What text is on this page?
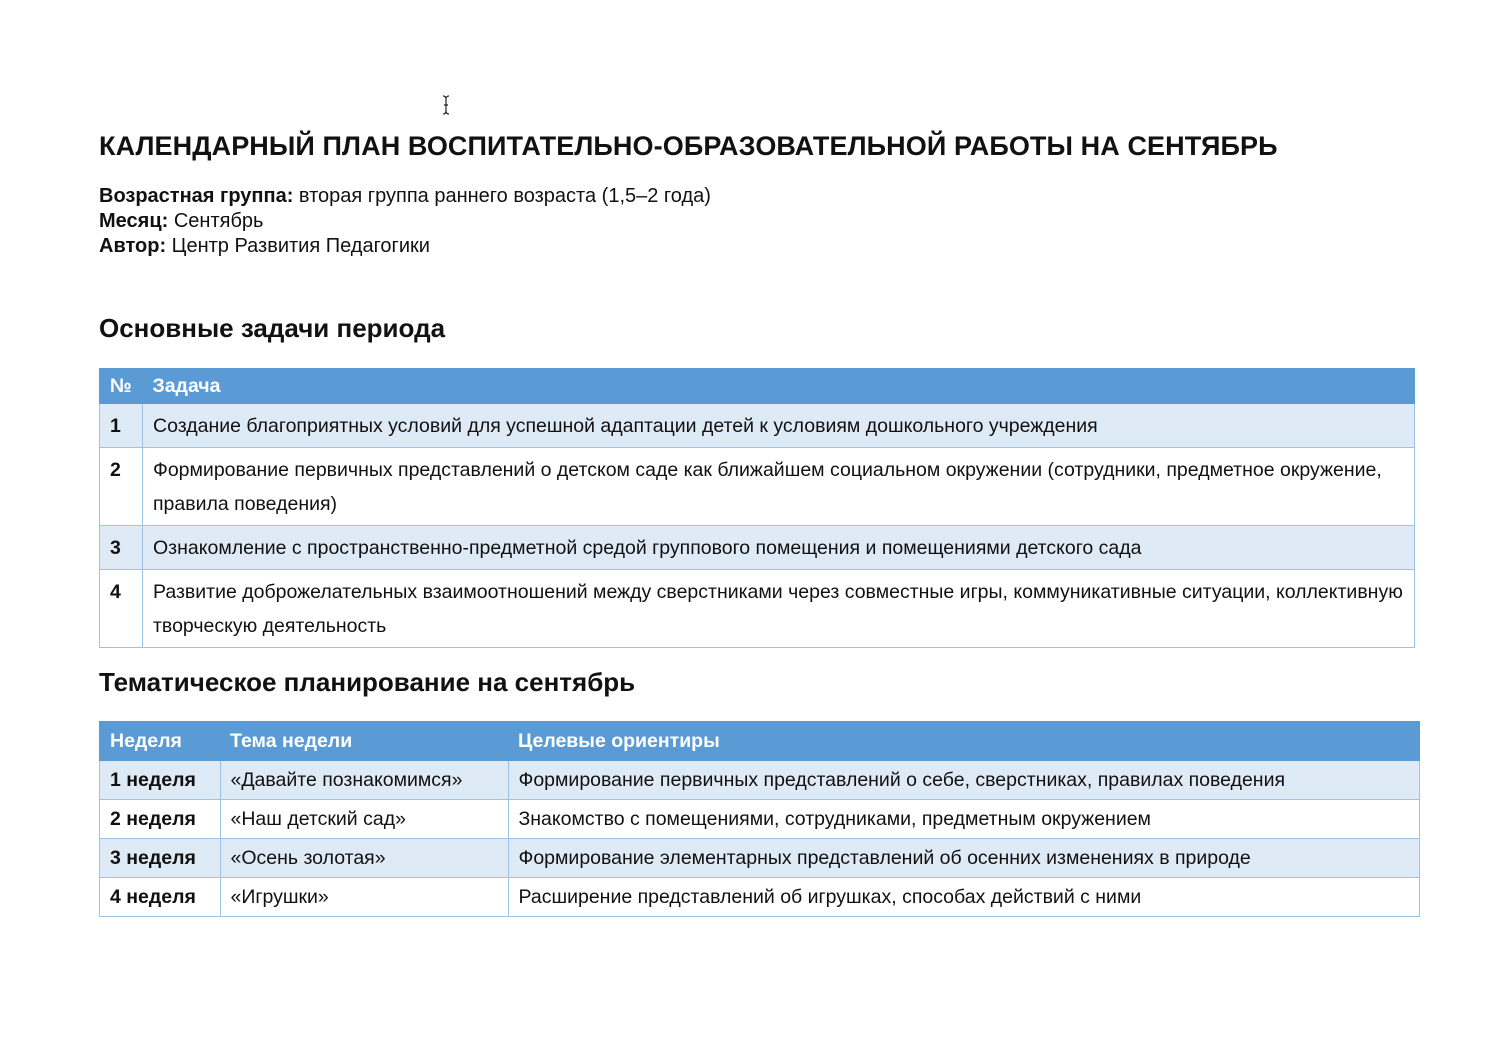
КАЛЕНДАРНЫЙ ПЛАН ВОСПИТАТЕЛЬНО-ОБРАЗОВАТЕЛЬНОЙ РАБОТЫ НА СЕНТЯБРЬ
Возрастная группа: вторая группа раннего возраста (1,5–2 года)
Месяц: Сентябрь
Автор: Центр Развития Педагогики
Основные задачи периода
№	Задача
1	Создание благоприятных условий для успешной адаптации детей к условиям дошкольного учреждения
2	Формирование первичных представлений о детском саде как ближайшем социальном окружении (сотрудники, предметное окружение, правила поведения)
3	Ознакомление с пространственно-предметной средой группового помещения и помещениями детского сада
4	Развитие доброжелательных взаимоотношений между сверстниками через совместные игры, коммуникативные ситуации, коллективную творческую деятельность
Тематическое планирование на сентябрь
Неделя	Тема недели	Целевые ориентиры
1 неделя	«Давайте познакомимся»	Формирование первичных представлений о себе, сверстниках, правилах поведения
2 неделя	«Наш детский сад»	Знакомство с помещениями, сотрудниками, предметным окружением
3 неделя	«Осень золотая»	Формирование элементарных представлений об осенних изменениях в природе
4 неделя	«Игрушки»	Расширение представлений об игрушках, способах действий с ними
